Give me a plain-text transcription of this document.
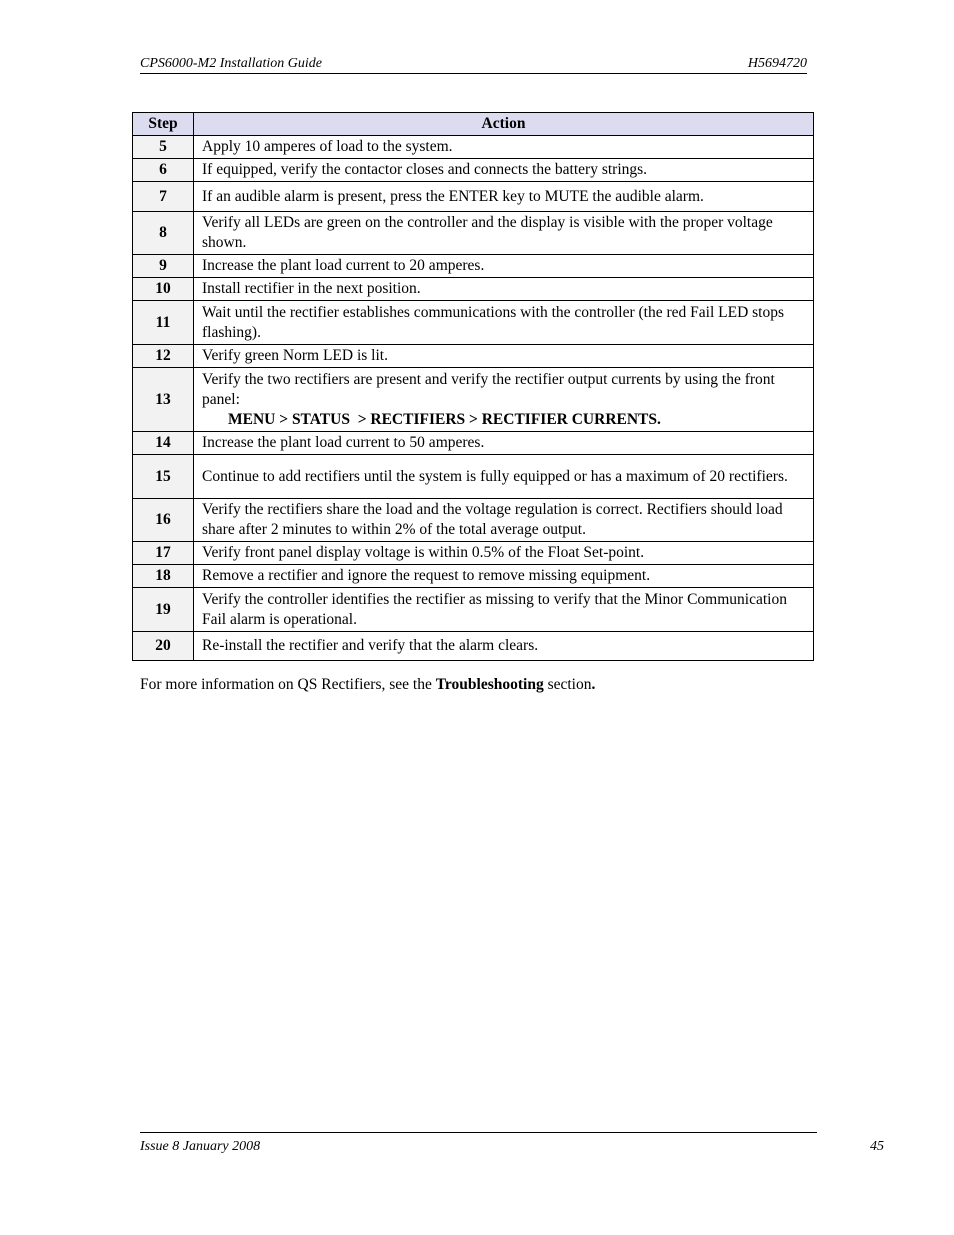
CPS6000-M2 Installation Guide	H5694720
Step	Action
5	Apply 10 amperes of load to the system.
6	If equipped, verify the contactor closes and connects the battery strings.
7	If an audible alarm is present, press the ENTER key to MUTE the audible alarm.
8	Verify all LEDs are green on the controller and the display is visible with the proper voltage shown.
9	Increase the plant load current to 20 amperes.
10	Install rectifier in the next position.
11	Wait until the rectifier establishes communications with the controller (the red Fail LED stops flashing).
12	Verify green Norm LED is lit.
13	Verify the two rectifiers are present and verify the rectifier output currents by using the front panel:
MENU > STATUS  > RECTIFIERS > RECTIFIER CURRENTS.

14	Increase the plant load current to 50 amperes.
15	Continue to add rectifiers until the system is fully equipped or has a maximum of 20 rectifiers.
16	Verify the rectifiers share the load and the voltage regulation is correct. Rectifiers should load share after 2 minutes to within 2% of the total average output.
17	Verify front panel display voltage is within 0.5% of the Float Set-point.
18	Remove a rectifier and ignore the request to remove missing equipment.
19	Verify the controller identifies the rectifier as missing to verify that the Minor Communication Fail alarm is operational.
20	Re-install the rectifier and verify that the alarm clears.
For more information on QS Rectifiers, see the Troubleshooting section.
Issue 8 January 2008	45
